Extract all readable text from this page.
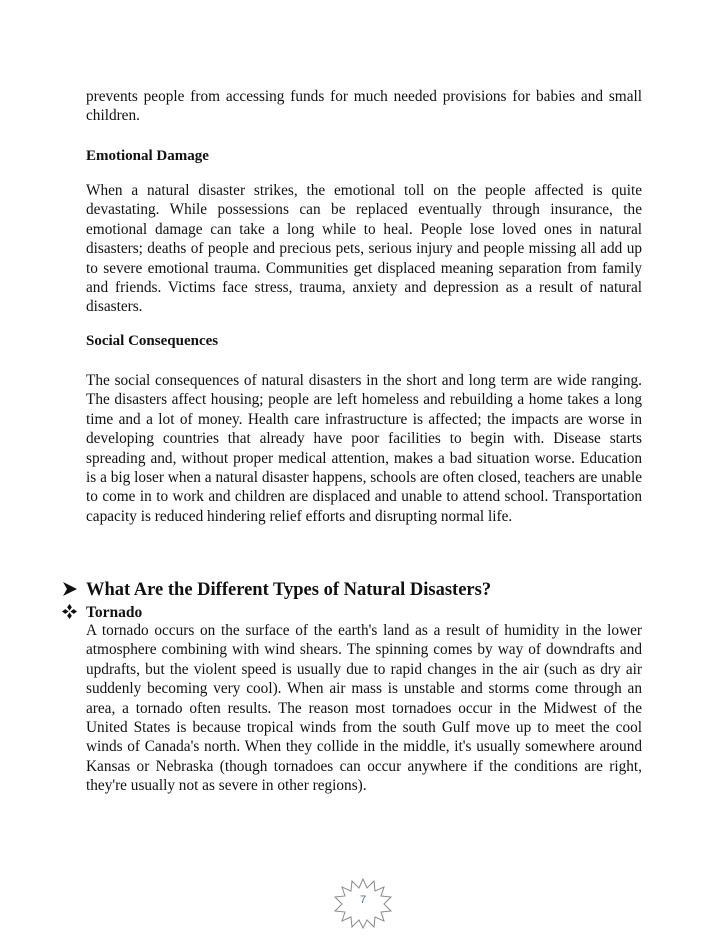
prevents people from accessing funds for much needed provisions for babies and small children.

Emotional Damage

When a natural disaster strikes, the emotional toll on the people affected is quite devastating. While possessions can be replaced eventually through insurance, the emotional damage can take a long while to heal. People lose loved ones in natural disasters; deaths of people and precious pets, serious injury and people missing all add up to severe emotional trauma. Communities get displaced meaning separation from family and friends. Victims face stress, trauma, anxiety and depression as a result of natural disasters.

Social Consequences

The social consequences of natural disasters in the short and long term are wide ranging. The disasters affect housing; people are left homeless and rebuilding a home takes a long time and a lot of money. Health care infrastructure is affected; the impacts are worse in developing countries that already have poor facilities to begin with. Disease starts spreading and, without proper medical attention, makes a bad situation worse. Education is a big loser when a natural disaster happens, schools are often closed, teachers are unable to come in to work and children are displaced and unable to attend school. Transportation capacity is reduced hindering relief efforts and disrupting normal life.

What Are the Different Types of Natural Disasters?
Tornado

A tornado occurs on the surface of the earth's land as a result of humidity in the lower atmosphere combining with wind shears. The spinning comes by way of downdrafts and updrafts, but the violent speed is usually due to rapid changes in the air (such as dry air suddenly becoming very cool). When air mass is unstable and storms come through an area, a tornado often results. The reason most tornadoes occur in the Midwest of the United States is because tropical winds from the south Gulf move up to meet the cool winds of Canada's north. When they collide in the middle, it's usually somewhere around Kansas or Nebraska (though tornadoes can occur anywhere if the conditions are right, they're usually not as severe in other regions).

7
